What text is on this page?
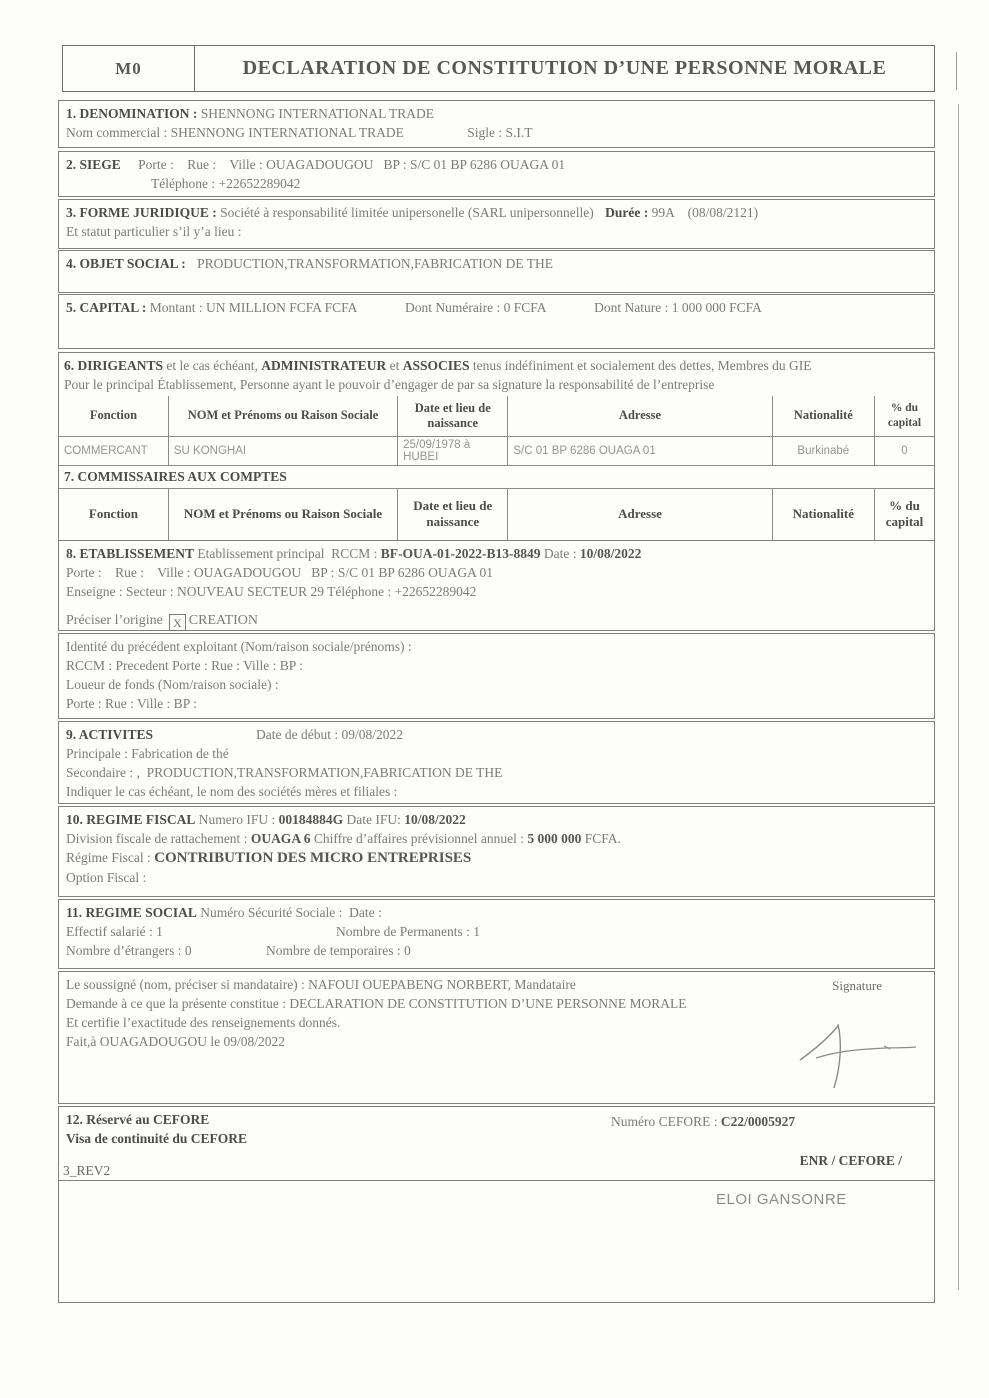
M0	DECLARATION DE CONSTITUTION D’UNE PERSONNE MORALE
1. DENOMINATION : SHENNONG INTERNATIONAL TRADE
Nom commercial : SHENNONG INTERNATIONAL TRADE	Sigle : S.I.T
2. SIEGE Porte :    Rue :    Ville : OUAGADOUGOU   BP : S/C 01 BP 6286 OUAGA 01
Téléphone : +22652289042
3. FORME JURIDIQUE : Société à responsabilité limitée unipersonelle (SARL unipersonnelle) Durée : 99A    (08/08/2121)
Et statut particulier s’il y’a lieu :
4. OBJET SOCIAL : PRODUCTION,TRANSFORMATION,FABRICATION DE THE
5. CAPITAL : Montant : UN MILLION FCFA FCFA	Dont Numéraire : 0 FCFA	Dont Nature : 1 000 000 FCFA
6. DIRIGEANTS et le cas échéant, ADMINISTRATEUR et ASSOCIES tenus indéfiniment et socialement des dettes, Membres du GIE
Pour le principal Établissement, Personne ayant le pouvoir d’engager de par sa signature la responsabilité de l’entreprise
Fonction	NOM et Prénoms ou Raison Sociale	Date et lieu de naissance	Adresse	Nationalité	% du capital
COMMERCANT	SU KONGHAI	25/09/1978 à HUBEI	S/C 01 BP 6286 OUAGA 01	Burkinabé	0
7. COMMISSAIRES AUX COMPTES
Fonction	NOM et Prénoms ou Raison Sociale	Date et lieu de naissance	Adresse	Nationalité	% du capital
8. ETABLISSEMENT Etablissement principal  RCCM : BF-OUA-01-2022-B13-8849 Date : 10/08/2022
Porte :    Rue :    Ville : OUAGADOUGOU   BP : S/C 01 BP 6286 OUAGA 01
Enseigne : Secteur : NOUVEAU SECTEUR 29 Téléphone : +22652289042
Préciser l’origine X CREATION
Identité du précédent exploitant (Nom/raison sociale/prénoms) :
RCCM : Precedent Porte : Rue : Ville : BP :
Loueur de fonds (Nom/raison sociale) :
Porte : Rue : Ville : BP :
9. ACTIVITES	Date de début : 09/08/2022
Principale : Fabrication de thé
Secondaire : ,  PRODUCTION,TRANSFORMATION,FABRICATION DE THE
Indiquer le cas échéant, le nom des sociétés mères et filiales :
10. REGIME FISCAL Numero IFU : 00184884G Date IFU: 10/08/2022
Division fiscale de rattachement : OUAGA 6 Chiffre d’affaires prévisionnel annuel : 5 000 000 FCFA.
Régime Fiscal : CONTRIBUTION DES MICRO ENTREPRISES
Option Fiscal :
11. REGIME SOCIAL Numéro Sécurité Sociale :  Date :
Effectif salarié : 1	Nombre de Permanents : 1
Nombre d’étrangers : 0	Nombre de temporaires : 0
Le soussigné (nom, préciser si mandataire) : NAFOUI OUEPABENG NORBERT, Mandataire
Demande à ce que la présente constitue : DECLARATION DE CONSTITUTION D’UNE PERSONNE MORALE
Et certifie l’exactitude des renseignements donnés.
Fait,à OUAGADOUGOU le 09/08/2022
Signature
12. Réservé au CEFORE
Visa de continuité du CEFORE
Numéro CEFORE : C22/0005927
ENR / CEFORE /
3_REV2
ELOI GANSONRE
